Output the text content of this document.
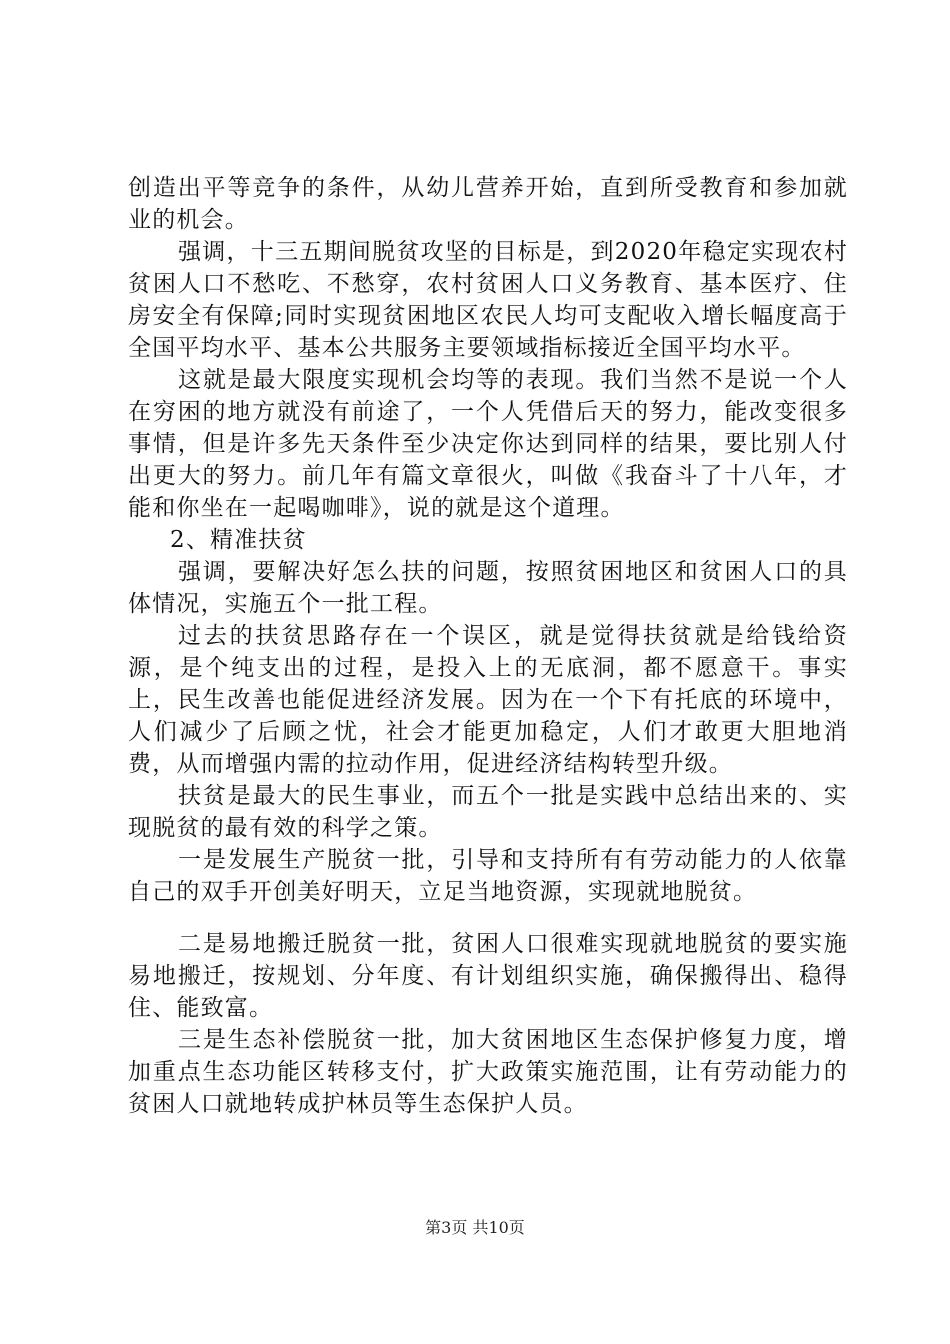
创造出平等竞争的条件，从幼儿营养开始，直到所受教育和参加就业的机会。

强调，十三五期间脱贫攻坚的目标是，到2020年稳定实现农村贫困人口不愁吃、不愁穿，农村贫困人口义务教育、基本医疗、住房安全有保障;同时实现贫困地区农民人均可支配收入增长幅度高于全国平均水平、基本公共服务主要领域指标接近全国平均水平。

这就是最大限度实现机会均等的表现。我们当然不是说一个人在穷困的地方就没有前途了，一个人凭借后天的努力，能改变很多事情，但是许多先天条件至少决定你达到同样的结果，要比别人付出更大的努力。前几年有篇文章很火，叫做《我奋斗了十八年，才能和你坐在一起喝咖啡》，说的就是这个道理。

2、精准扶贫

强调，要解决好怎么扶的问题，按照贫困地区和贫困人口的具体情况，实施五个一批工程。

过去的扶贫思路存在一个误区，就是觉得扶贫就是给钱给资源，是个纯支出的过程，是投入上的无底洞，都不愿意干。事实上，民生改善也能促进经济发展。因为在一个下有托底的环境中，人们减少了后顾之忧，社会才能更加稳定，人们才敢更大胆地消费，从而增强内需的拉动作用，促进经济结构转型升级。

扶贫是最大的民生事业，而五个一批是实践中总结出来的、实现脱贫的最有效的科学之策。

一是发展生产脱贫一批，引导和支持所有有劳动能力的人依靠自己的双手开创美好明天，立足当地资源，实现就地脱贫。

二是易地搬迁脱贫一批，贫困人口很难实现就地脱贫的要实施易地搬迁，按规划、分年度、有计划组织实施，确保搬得出、稳得住、能致富。

三是生态补偿脱贫一批，加大贫困地区生态保护修复力度，增加重点生态功能区转移支付，扩大政策实施范围，让有劳动能力的贫困人口就地转成护林员等生态保护人员。

第3页 共10页
